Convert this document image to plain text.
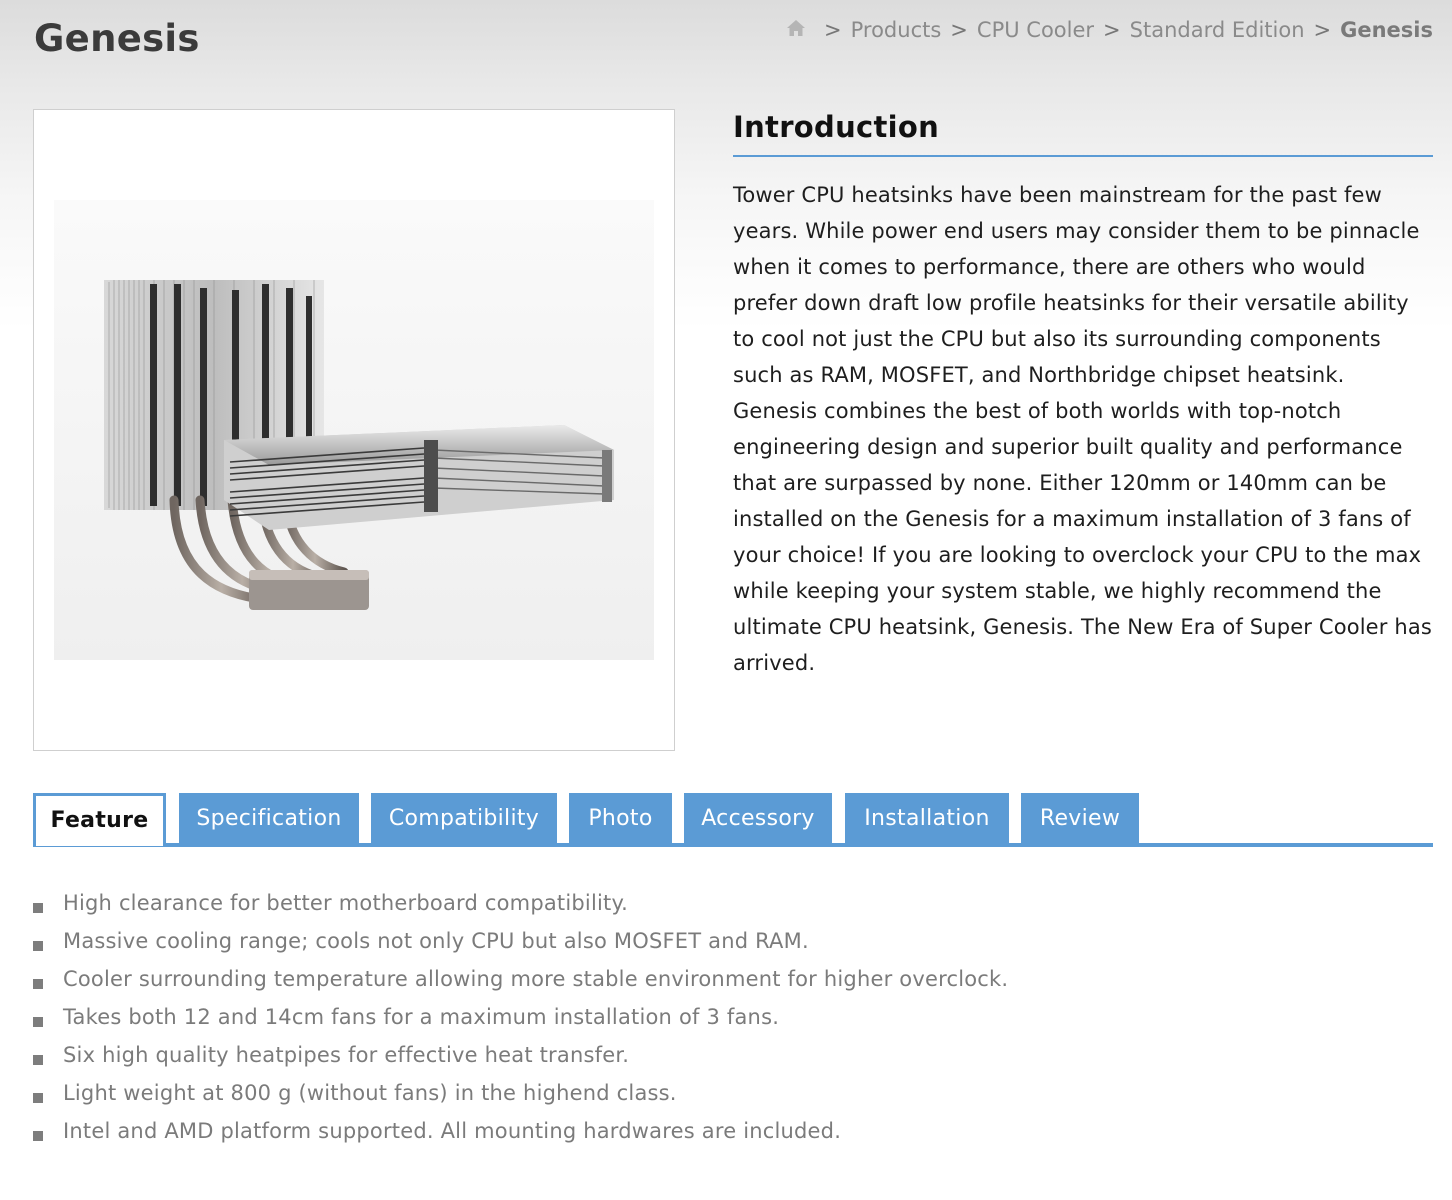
Genesis	> Products > CPU Cooler > Standard Edition > Genesis
Introduction

Tower CPU heatsinks have been mainstream for the past few years. While power end users may consider them to be pinnacle when it comes to performance, there are others who would prefer down draft low profile heatsinks for their versatile ability to cool not just the CPU but also its surrounding components such as RAM, MOSFET, and Northbridge chipset heatsink. Genesis combines the best of both worlds with top-notch engineering design and superior built quality and performance that are surpassed by none. Either 120mm or 140mm can be installed on the Genesis for a maximum installation of 3 fans of your choice! If you are looking to overclock your CPU to the max while keeping your system stable, we highly recommend the ultimate CPU heatsink, Genesis. The New Era of Super Cooler has arrived.

Feature	Specification	Compatibility	Photo	Accessory	Installation	Review
High clearance for better motherboard compatibility.
Massive cooling range; cools not only CPU but also MOSFET and RAM.
Cooler surrounding temperature allowing more stable environment for higher overclock.
Takes both 12 and 14cm fans for a maximum installation of 3 fans.
Six high quality heatpipes for effective heat transfer.
Light weight at 800 g (without fans) in the highend class.
Intel and AMD platform supported. All mounting hardwares are included.
